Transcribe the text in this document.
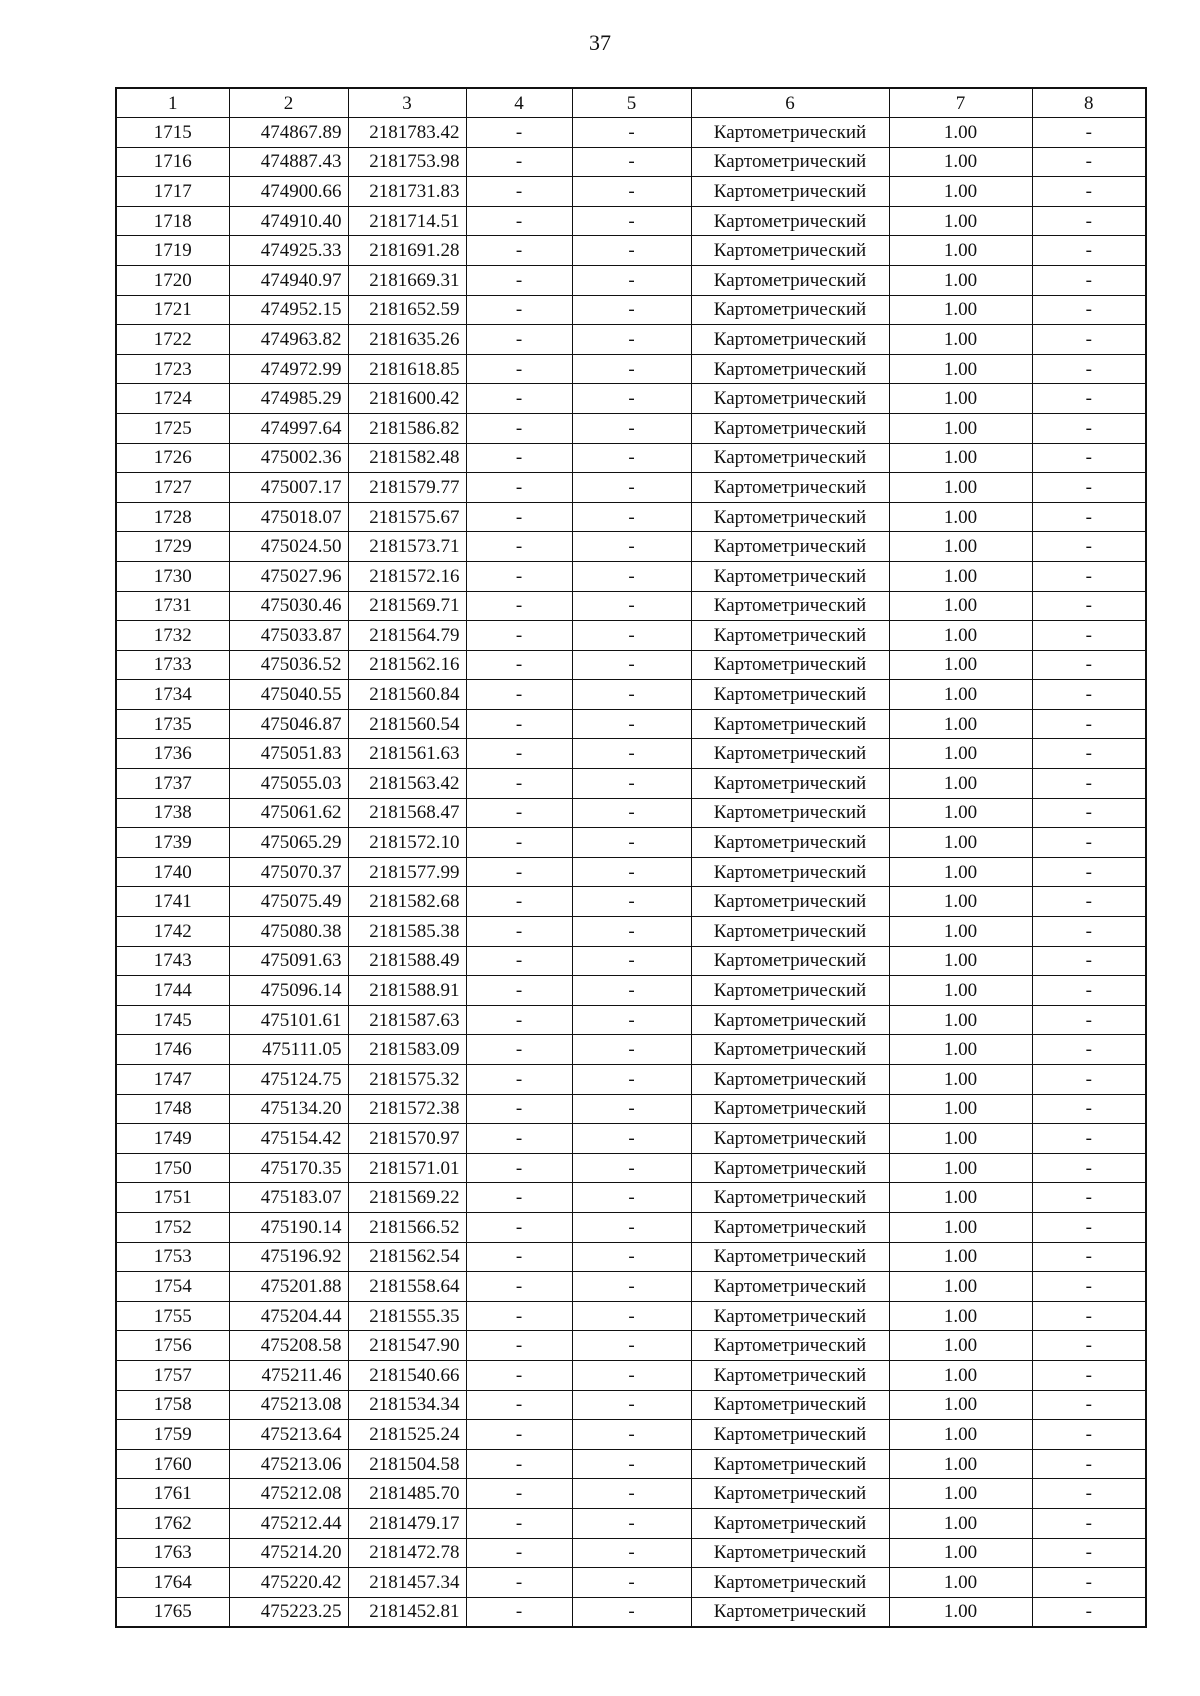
37
1	2	3	4	5	6	7	8
1715	474867.89	2181783.42	-	-	Картометрический	1.00	-
1716	474887.43	2181753.98	-	-	Картометрический	1.00	-
1717	474900.66	2181731.83	-	-	Картометрический	1.00	-
1718	474910.40	2181714.51	-	-	Картометрический	1.00	-
1719	474925.33	2181691.28	-	-	Картометрический	1.00	-
1720	474940.97	2181669.31	-	-	Картометрический	1.00	-
1721	474952.15	2181652.59	-	-	Картометрический	1.00	-
1722	474963.82	2181635.26	-	-	Картометрический	1.00	-
1723	474972.99	2181618.85	-	-	Картометрический	1.00	-
1724	474985.29	2181600.42	-	-	Картометрический	1.00	-
1725	474997.64	2181586.82	-	-	Картометрический	1.00	-
1726	475002.36	2181582.48	-	-	Картометрический	1.00	-
1727	475007.17	2181579.77	-	-	Картометрический	1.00	-
1728	475018.07	2181575.67	-	-	Картометрический	1.00	-
1729	475024.50	2181573.71	-	-	Картометрический	1.00	-
1730	475027.96	2181572.16	-	-	Картометрический	1.00	-
1731	475030.46	2181569.71	-	-	Картометрический	1.00	-
1732	475033.87	2181564.79	-	-	Картометрический	1.00	-
1733	475036.52	2181562.16	-	-	Картометрический	1.00	-
1734	475040.55	2181560.84	-	-	Картометрический	1.00	-
1735	475046.87	2181560.54	-	-	Картометрический	1.00	-
1736	475051.83	2181561.63	-	-	Картометрический	1.00	-
1737	475055.03	2181563.42	-	-	Картометрический	1.00	-
1738	475061.62	2181568.47	-	-	Картометрический	1.00	-
1739	475065.29	2181572.10	-	-	Картометрический	1.00	-
1740	475070.37	2181577.99	-	-	Картометрический	1.00	-
1741	475075.49	2181582.68	-	-	Картометрический	1.00	-
1742	475080.38	2181585.38	-	-	Картометрический	1.00	-
1743	475091.63	2181588.49	-	-	Картометрический	1.00	-
1744	475096.14	2181588.91	-	-	Картометрический	1.00	-
1745	475101.61	2181587.63	-	-	Картометрический	1.00	-
1746	475111.05	2181583.09	-	-	Картометрический	1.00	-
1747	475124.75	2181575.32	-	-	Картометрический	1.00	-
1748	475134.20	2181572.38	-	-	Картометрический	1.00	-
1749	475154.42	2181570.97	-	-	Картометрический	1.00	-
1750	475170.35	2181571.01	-	-	Картометрический	1.00	-
1751	475183.07	2181569.22	-	-	Картометрический	1.00	-
1752	475190.14	2181566.52	-	-	Картометрический	1.00	-
1753	475196.92	2181562.54	-	-	Картометрический	1.00	-
1754	475201.88	2181558.64	-	-	Картометрический	1.00	-
1755	475204.44	2181555.35	-	-	Картометрический	1.00	-
1756	475208.58	2181547.90	-	-	Картометрический	1.00	-
1757	475211.46	2181540.66	-	-	Картометрический	1.00	-
1758	475213.08	2181534.34	-	-	Картометрический	1.00	-
1759	475213.64	2181525.24	-	-	Картометрический	1.00	-
1760	475213.06	2181504.58	-	-	Картометрический	1.00	-
1761	475212.08	2181485.70	-	-	Картометрический	1.00	-
1762	475212.44	2181479.17	-	-	Картометрический	1.00	-
1763	475214.20	2181472.78	-	-	Картометрический	1.00	-
1764	475220.42	2181457.34	-	-	Картометрический	1.00	-
1765	475223.25	2181452.81	-	-	Картометрический	1.00	-
